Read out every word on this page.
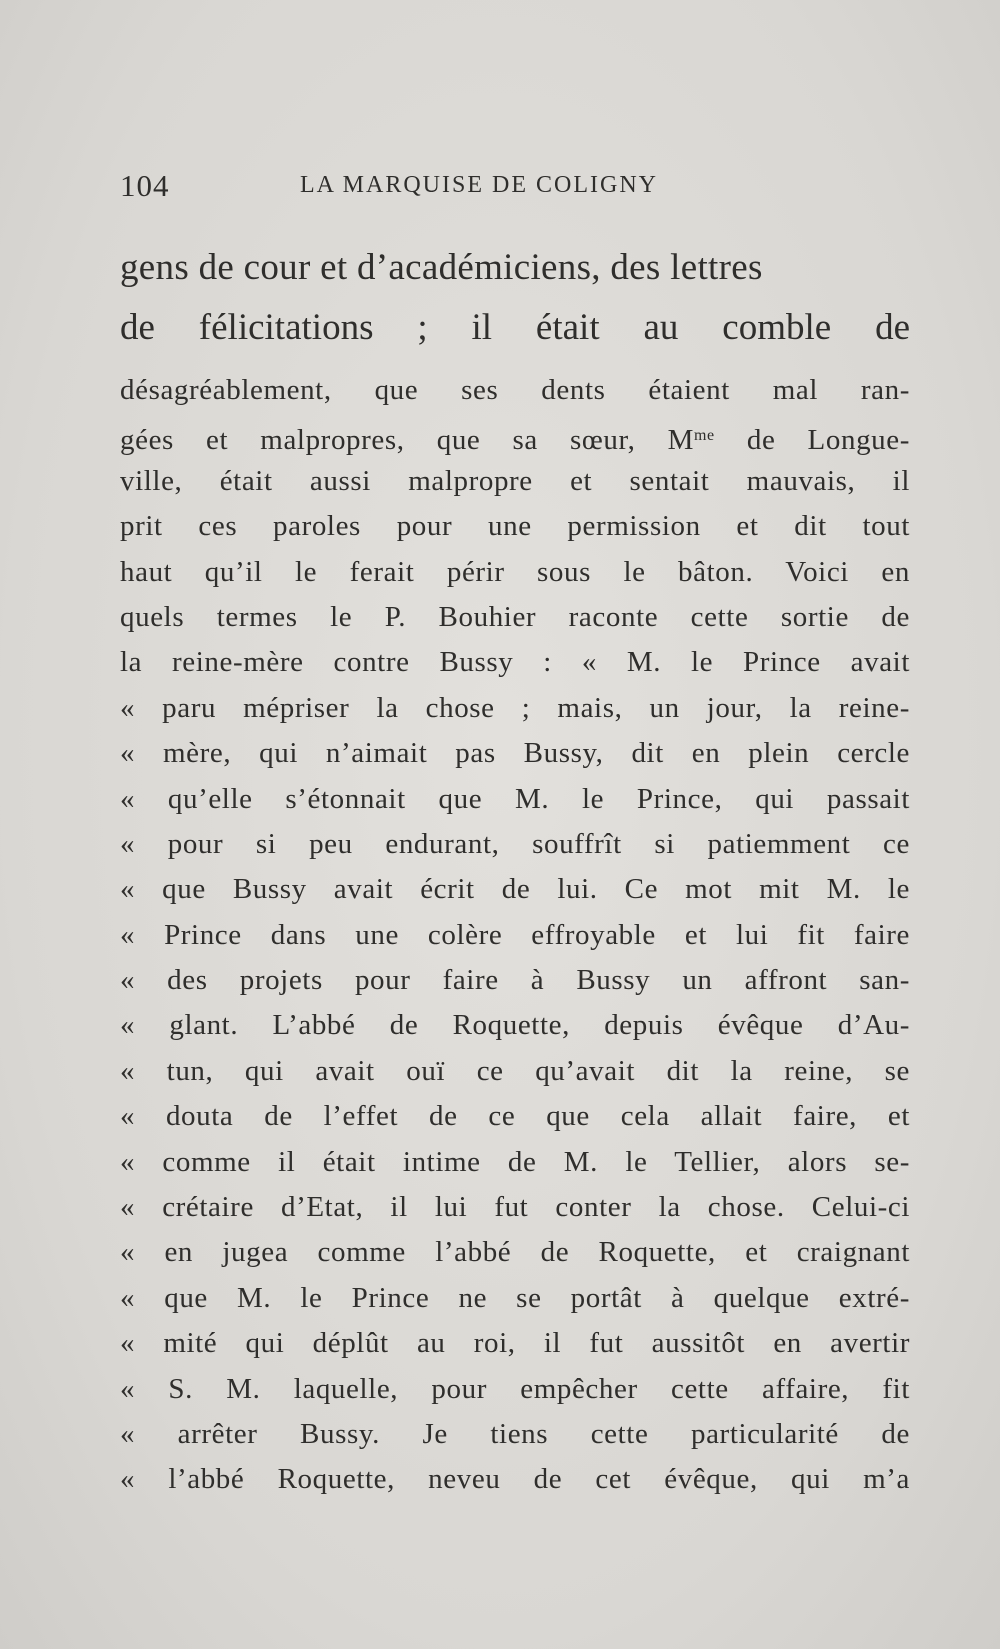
104	LA MARQUISE DE COLIGNY
gens de cour et d’académiciens, des lettres
de félicitations ; il était au comble de
désagréablement, que ses dents étaient mal ran-
gées et malpropres, que sa sœur, $M^{me}$ de Longue-
ville, était aussi malpropre et sentait mauvais, il
prit ces paroles pour une permission et dit tout
haut qu’il le ferait périr sous le bâton. Voici en
quels termes le P. Bouhier raconte cette sortie de
la reine-mère contre Bussy : « M. le Prince avait
« paru mépriser la chose ; mais, un jour, la reine-
« mère, qui n’aimait pas Bussy, dit en plein cercle
« qu’elle s’étonnait que M. le Prince, qui passait
« pour si peu endurant, souffrît si patiemment ce
« que Bussy avait écrit de lui. Ce mot mit M. le
« Prince dans une colère effroyable et lui fit faire
« des projets pour faire à Bussy un affront san-
« glant. L’abbé de Roquette, depuis évêque d’Au-
« tun, qui avait ouï ce qu’avait dit la reine, se
« douta de l’effet de ce que cela allait faire, et
« comme il était intime de M. le Tellier, alors se-
« crétaire d’Etat, il lui fut conter la chose. Celui-ci
« en jugea comme l’abbé de Roquette, et craignant
« que M. le Prince ne se portât à quelque extré-
« mité qui déplût au roi, il fut aussitôt en avertir
« S. M. laquelle, pour empêcher cette affaire, fit
« arrêter Bussy. Je tiens cette particularité de
« l’abbé Roquette, neveu de cet évêque, qui m’a
